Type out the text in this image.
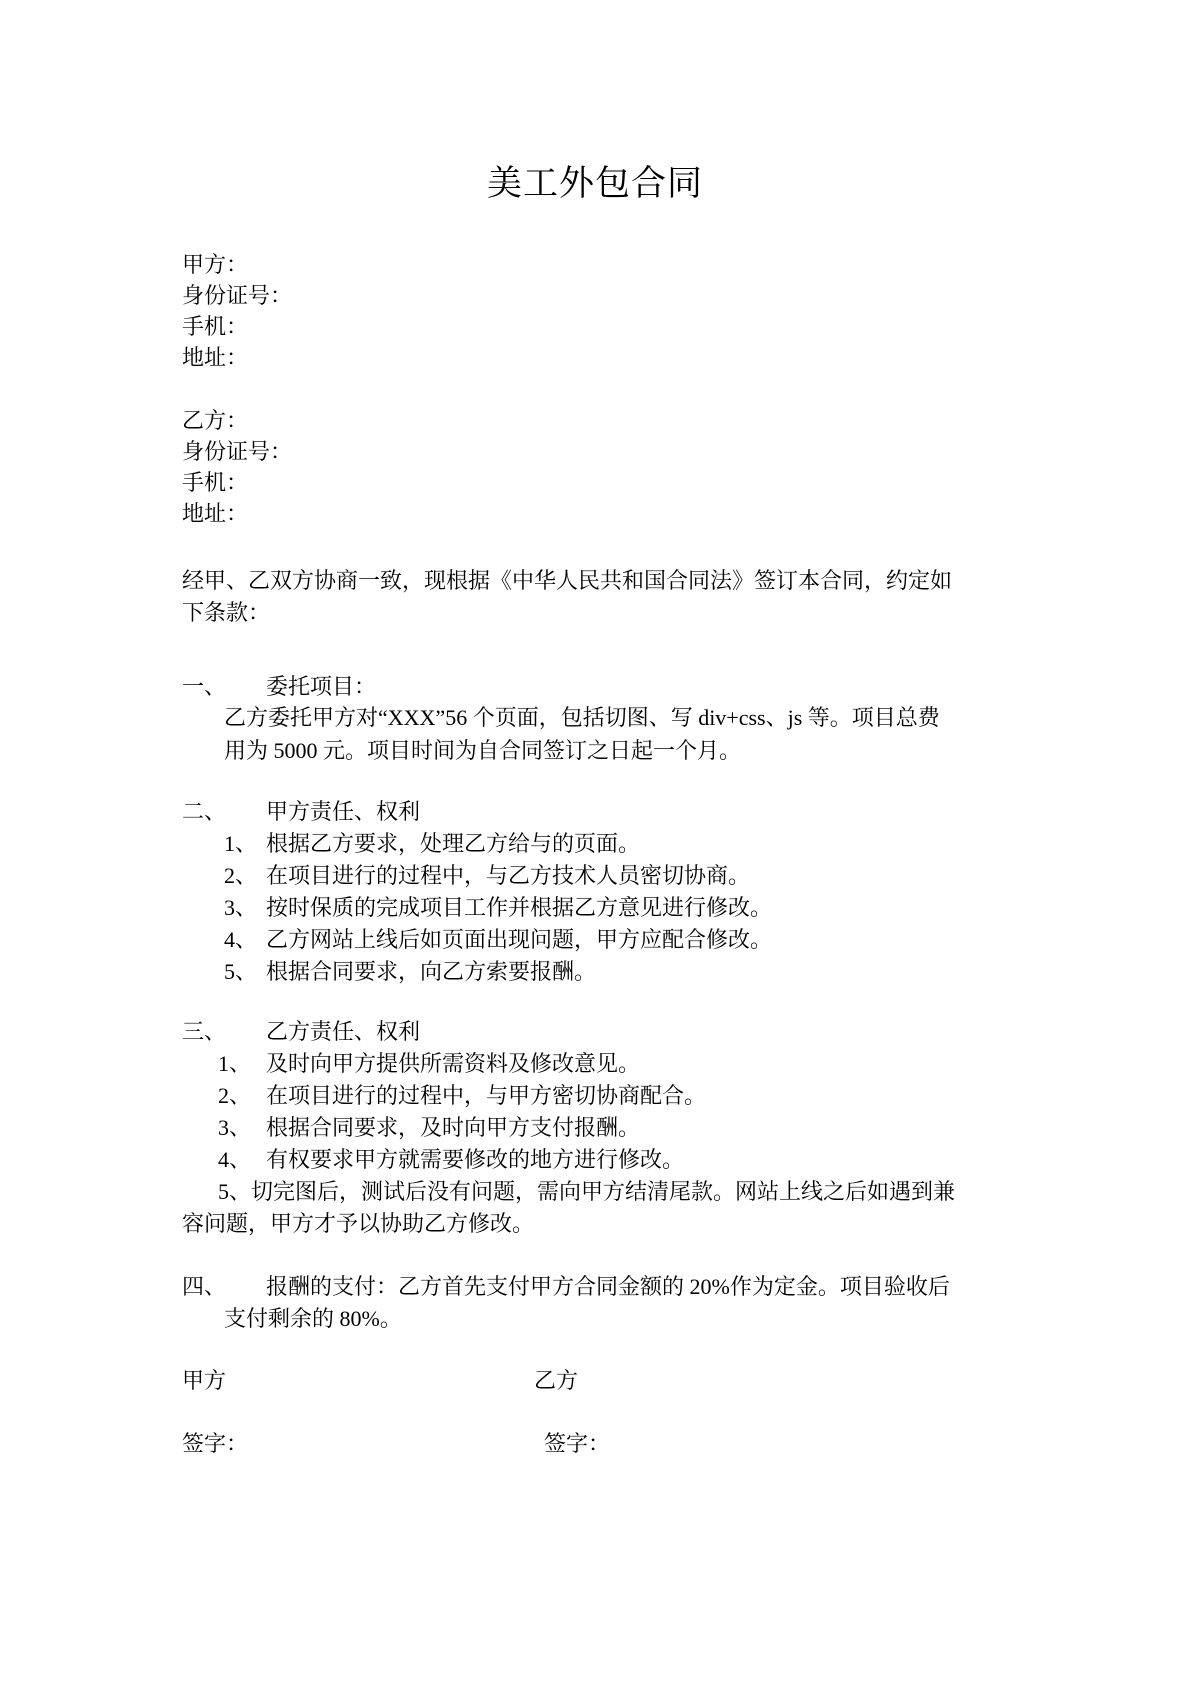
美工外包合同
甲方：
身份证号：
手机：
地址：
乙方：
身份证号：
手机：
地址：
经甲、乙双方协商一致，现根据《中华人民共和国合同法》签订本合同，约定如
下条款：
一、 委托项目：
乙方委托甲方对“XXX”56 个页面，包括切图、写 div+css、js 等。项目总费
用为 5000 元。项目时间为自合同签订之日起一个月。
二、 甲方责任、权利
1、 根据乙方要求，处理乙方给与的页面。
2、 在项目进行的过程中，与乙方技术人员密切协商。
3、 按时保质的完成项目工作并根据乙方意见进行修改。
4、 乙方网站上线后如页面出现问题，甲方应配合修改。
5、 根据合同要求，向乙方索要报酬。
三、 乙方责任、权利
1、 及时向甲方提供所需资料及修改意见。
2、 在项目进行的过程中，与甲方密切协商配合。
3、 根据合同要求，及时向甲方支付报酬。
4、 有权要求甲方就需要修改的地方进行修改。
5、切完图后，测试后没有问题，需向甲方结清尾款。网站上线之后如遇到兼
容问题，甲方才予以协助乙方修改。
四、 报酬的支付：乙方首先支付甲方合同金额的 20%作为定金。项目验收后
支付剩余的 80%。
甲方	乙方
签字：	签字：
